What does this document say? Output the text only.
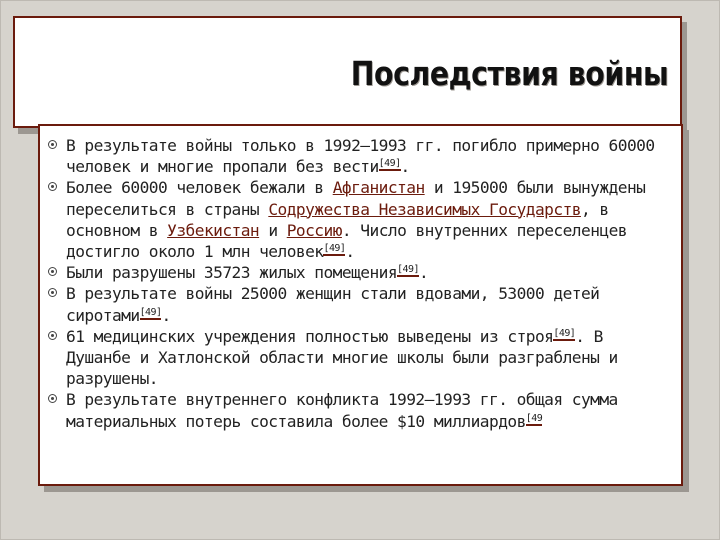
Последствия войны
В результате войны только в 1992—1993 гг. погибло примерно 60000 человек и многие пропали без вести[49].
Более 60000 человек бежали в Афганистан и 195000 были вынуждены переселиться в страны Содружества Независимых Государств, в основном в Узбекистан и Россию. Число внутренних переселенцев достигло около 1 млн человек[49].
Были разрушены 35723 жилых помещения[49].
В результате войны 25000 женщин стали вдовами, 53000 детей сиротами[49].
61 медицинских учреждения полностью выведены из строя[49]. В Душанбе и Хатлонской области многие школы были разграблены и разрушены.
В результате внутреннего конфликта 1992—1993 гг. общая сумма материальных потерь составила более $10 миллиардов$^{[49}$
